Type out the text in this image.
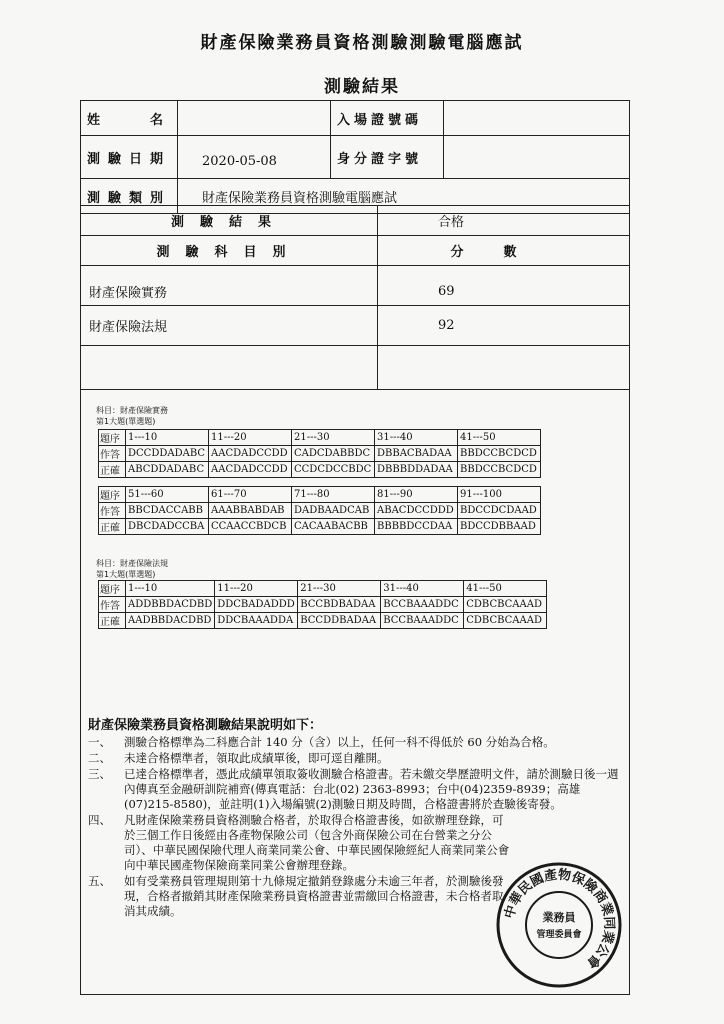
財產保險業務員資格測驗測驗電腦應試
測驗結果
姓　　名		入場證號碼	
測驗日期	2020-05-08	身分證字號	
測驗類別	財產保險業務員資格測驗電腦應試		
測驗結果	合格
測驗科目別	分數
財產保險實務	69
財產保險法規	92

科目：財產保險實務
第1大題(單選題)
題序	1---10	11---20	21---30	31---40	41---50
作答	DCCDDADABC	AACDADCCDD	CADCDABBDC	DBBACBADAA	BBDCCBCDCD
正確	ABCDDADABC	AACDADCCDD	CCDCDCCBDC	DBBBDDADAA	BBDCCBCDCD
題序	51---60	61---70	71---80	81---90	91---100
作答	BBCDACCABB	AAABBABDAB	DADBAADCAB	ABACDCCDDD	BDCCDCDAAD
正確	DBCDADCCBA	CCAACCBDCB	CACAABACBB	BBBBDCCDAA	BDCCDBBAAD
科目：財產保險法規
第1大題(單選題)
題序	1---10	11---20	21---30	31---40	41---50
作答	ADDBBDACDBD	DDCBADADDD	BCCBDBADAA	BCCBAAADDC	CDBCBCAAAD
正確	AADBBDACDBD	DDCBAAADDA	BCCDDBADAA	BCCBAAADDC	CDBCBCAAAD
財產保險業務員資格測驗結果說明如下：
一、	測驗合格標準為二科應合計 140 分（含）以上，任何一科不得低於 60 分始為合格。
二、	未達合格標準者，領取此成績單後，即可逕自離開。
三、	已達合格標準者，憑此成績單領取簽收測驗合格證書。若未繳交學歷證明文件，請於測驗日後一週內傳真至金融研訓院補齊(傳真電話：台北(02) 2363-8993；台中(04)2359-8939；高雄(07)215-8580)，並註明(1)入場編號(2)測驗日期及時間，合格證書將於查驗後寄發。
四、	凡財產保險業務員資格測驗合格者，於取得合格證書後，如欲辦理登錄，可於三個工作日後經由各產物保險公司（包含外商保險公司在台營業之分公司）、中華民國保險代理人商業同業公會、中華民國保險經紀人商業同業公會向中華民國產物保險商業同業公會辦理登錄。
五、	如有受業務員管理規則第十九條規定撤銷登錄處分未逾三年者，於測驗後發現，合格者撤銷其財產保險業務員資格證書並需繳回合格證書，未合格者取消其成績。	中華民國產物保險商業同業公會
業務員
管理委員會
